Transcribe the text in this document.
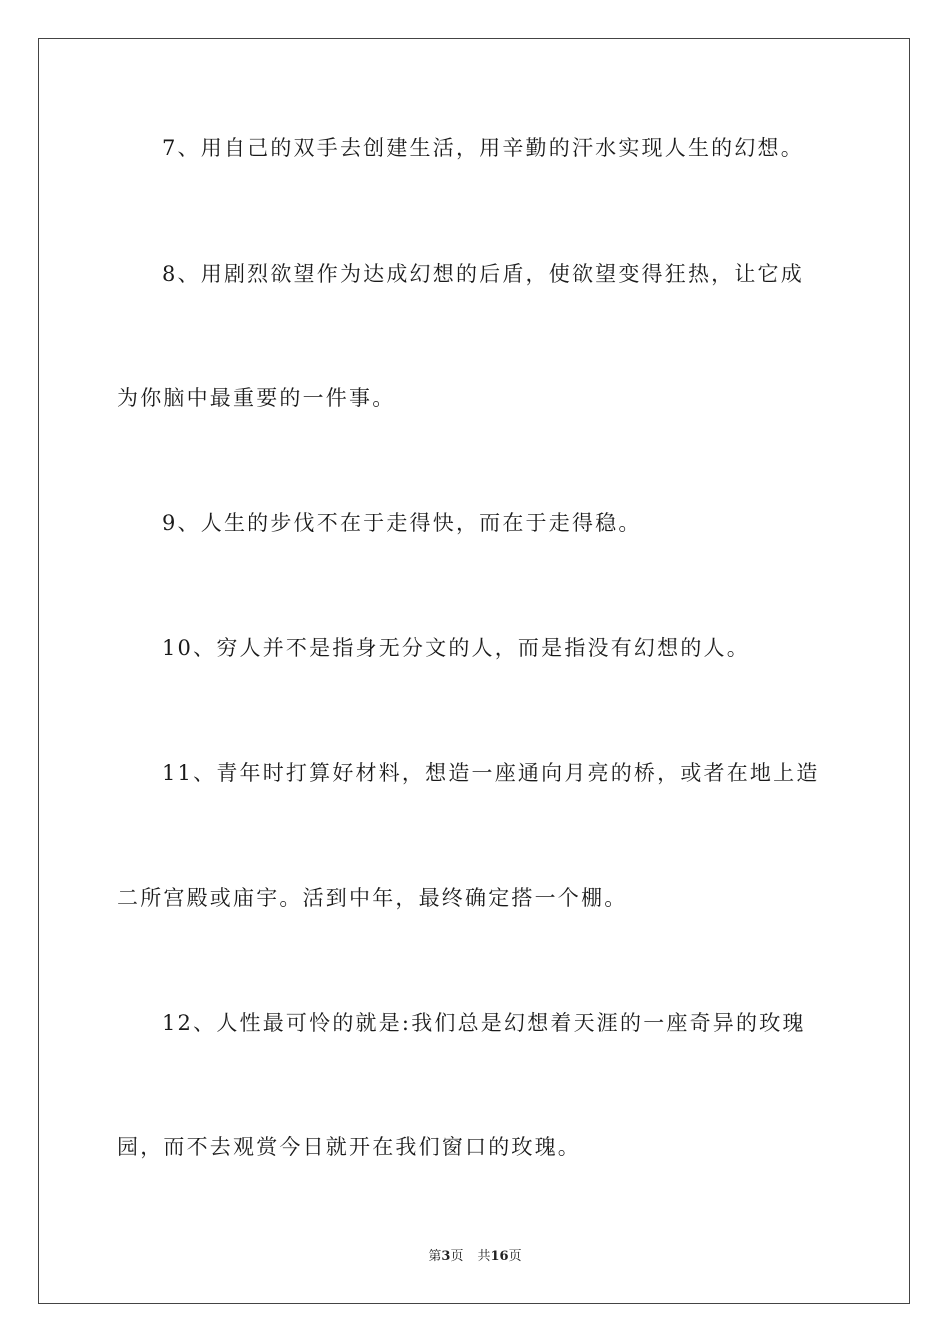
7、用自己的双手去创建生活，用辛勤的汗水实现人生的幻想。
8、用剧烈欲望作为达成幻想的后盾，使欲望变得狂热，让它成
为你脑中最重要的一件事。
9、人生的步伐不在于走得快，而在于走得稳。
10、穷人并不是指身无分文的人，而是指没有幻想的人。
11、青年时打算好材料，想造一座通向月亮的桥，或者在地上造
二所宫殿或庙宇。活到中年，最终确定搭一个棚。
12、人性最可怜的就是:我们总是幻想着天涯的一座奇异的玫瑰
园，而不去观赏今日就开在我们窗口的玫瑰。
第3页 共16页
